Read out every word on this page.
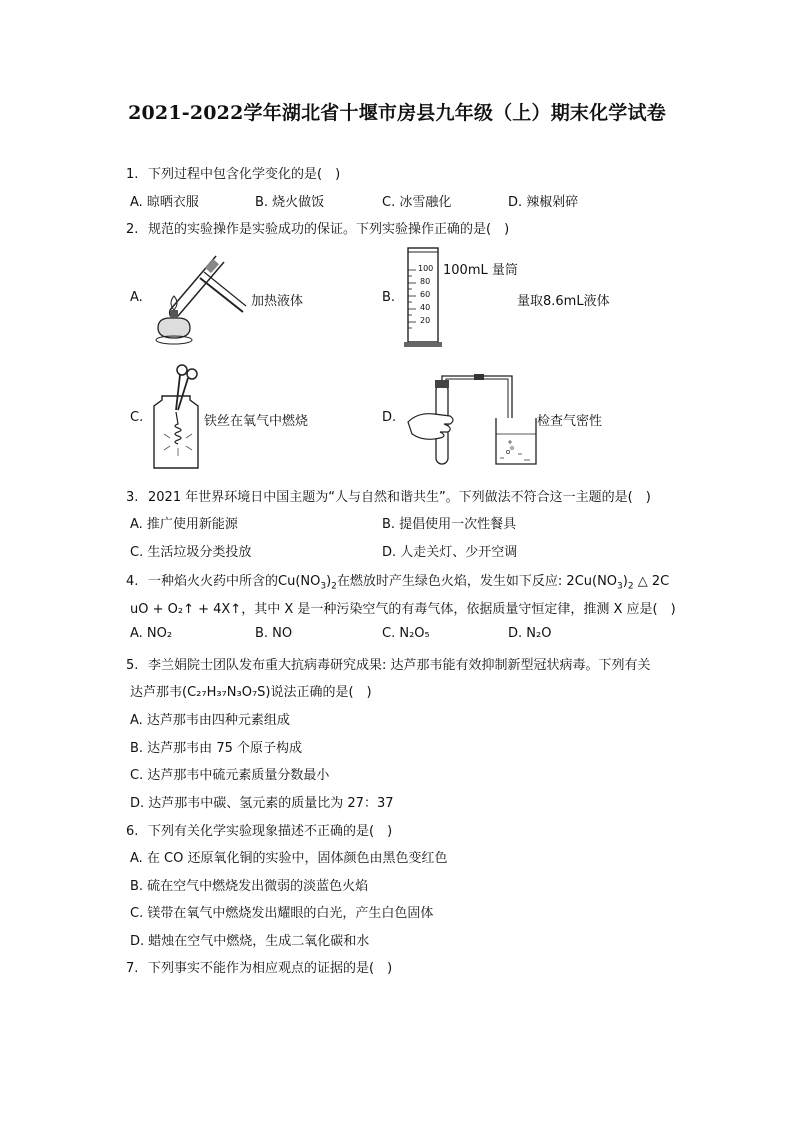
2021-2022学年湖北省十堰市房县九年级（上）期末化学试卷
1. 下列过程中包含化学变化的是(　)
A. 晾晒衣服	B. 烧火做饭	C. 冰雪融化	D. 辣椒剁碎
2. 规范的实验操作是实验成功的保证。下列实验操作正确的是(　)
A.	加热液体	B.
100
80
60
40
20
100mL 量筒
量取8.6mL液体
C.	铁丝在氧气中燃烧	D.	检查气密性
3. 2021 年世界环境日中国主题为“人与自然和谐共生”。下列做法不符合这一主题的是(　)
A. 推广使用新能源	B. 提倡使用一次性餐具
C. 生活垃圾分类投放	D. 人走关灯、少开空调
4. 一种焰火火药中所含的$Cu(NO_3)_2$在燃放时产生绿色火焰，发生如下反应: $2Cu(NO_3)_2$ △ 2C
uO + O₂↑ + 4X↑，其中 X 是一种污染空气的有毒气体，依据质量守恒定律，推测 X 应是(　)
A. NO₂	B. NO	C. N₂O₅	D. N₂O
5. 李兰娟院士团队发布重大抗病毒研究成果: 达芦那韦能有效抑制新型冠状病毒。下列有关
达芦那韦(C₂₇H₃₇N₃O₇S)说法正确的是(　)
A. 达芦那韦由四种元素组成
B. 达芦那韦由 75 个原子构成
C. 达芦那韦中硫元素质量分数最小
D. 达芦那韦中碳、氢元素的质量比为 27：37
6. 下列有关化学实验现象描述不正确的是(　)
A. 在 CO 还原氧化铜的实验中，固体颜色由黑色变红色
B. 硫在空气中燃烧发出微弱的淡蓝色火焰
C. 镁带在氧气中燃烧发出耀眼的白光，产生白色固体
D. 蜡烛在空气中燃烧，生成二氧化碳和水
7. 下列事实不能作为相应观点的证据的是(　)
